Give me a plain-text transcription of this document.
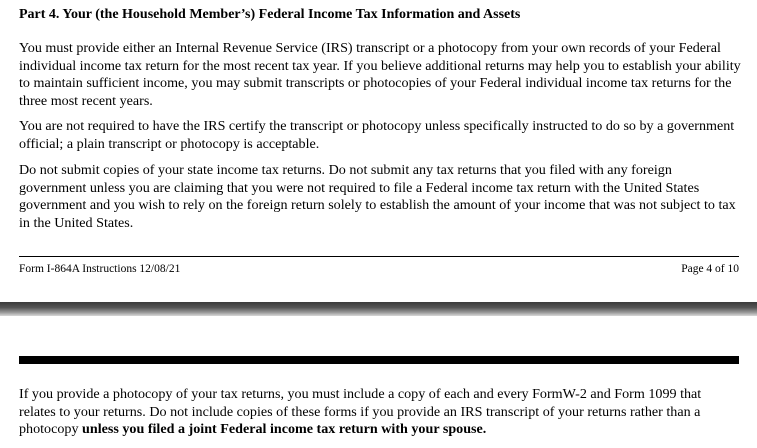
Part 4. Your (the Household Member’s) Federal Income Tax Information and Assets

You must provide either an Internal Revenue Service (IRS) transcript or a photocopy from your own records of your Federal individual income tax return for the most recent tax year. If you believe additional returns may help you to establish your ability to maintain sufficient income, you may submit transcripts or photocopies of your Federal individual income tax returns for the three most recent years.

You are not required to have the IRS certify the transcript or photocopy unless specifically instructed to do so by a government official; a plain transcript or photocopy is acceptable.

Do not submit copies of your state income tax returns. Do not submit any tax returns that you filed with any foreign government unless you are claiming that you were not required to file a Federal income tax return with the United States government and you wish to rely on the foreign return solely to establish the amount of your income that was not subject to tax in the United States.

Form I-864A Instructions 12/08/21	Page 4 of 10

If you provide a photocopy of your tax returns, you must include a copy of each and every FormW-2 and Form 1099 that relates to your returns. Do not include copies of these forms if you provide an IRS transcript of your returns rather than a photocopy unless you filed a joint Federal income tax return with your spouse.
